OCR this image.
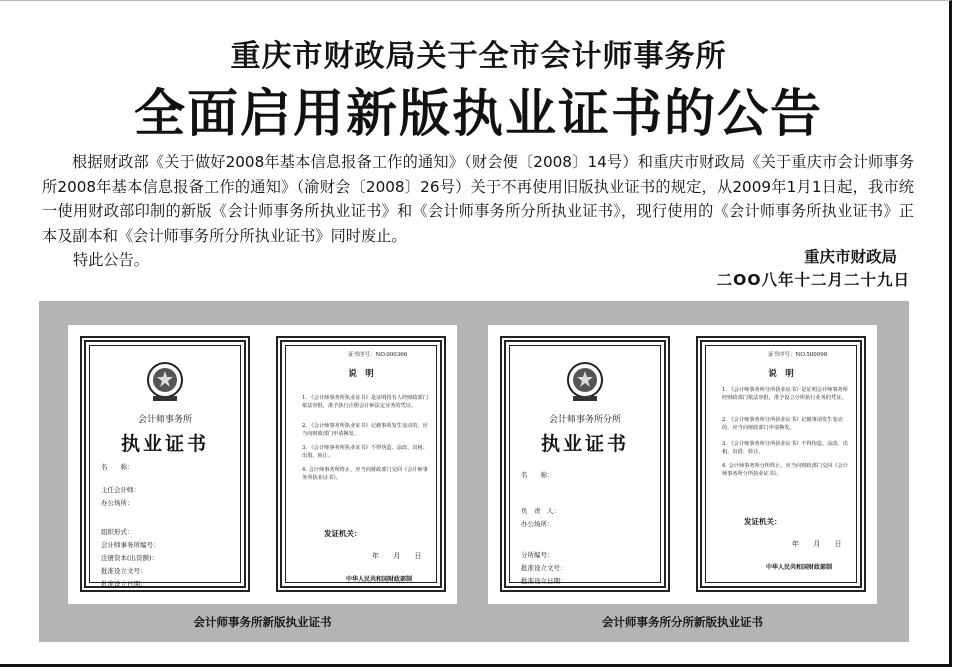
重庆市财政局关于全市会计师事务所
全面启用新版执业证书的公告
根据财政部《关于做好2008年基本信息报备工作的通知》（财会便〔2008〕14号）和重庆市财政局《关于重庆市会计师事务所2008年基本信息报备工作的通知》（渝财会〔2008〕26号）关于不再使用旧版执业证书的规定，从2009年1月1日起，我市统一使用财政部印制的新版《会计师事务所执业证书》和《会计师事务所分所执业证书》，现行使用的《会计师事务所执业证书》正本及副本和《会计师事务所分所执业证书》同时废止。
特此公告。	重庆市财政局
二OO八年十二月二十九日
会计师事务所
执业证书
名　　称：
主任会计师：
办公场所：
组织形式：
会计师事务所编号：
注册资本(出资额)：
批准设立文号：
批准设立日期：
证书序号：NO.000366
说　明
1. 《会计师事务所执业证书》是证明持有人经财政部门依法审批，准予执行注册会计师法定业务的凭证。
2. 《会计师事务所执业证书》记载事项发生变动的，应当向财政部门申请换发。
3. 《会计师事务所执业证书》不得伪造、涂改、出租、出借、转让。
4. 会计师事务所终止，应当向财政部门交回《会计师事务所执业证书》。
发证机关：
年 月 日
中华人民共和国财政部制
会计师事务所新版执业证书
会计师事务所分所
执业证书
名　　称：
负　责　人：
办公场所：
分所编号：
批准设立文号：
批准设立日期：
证书序号：NO.500098
说　明
1. 《会计师事务所分所执业证书》是证明会计师事务所经财政部门依法审批，准予设立分所执行业务的凭证。
2. 《会计师事务所分所执业证书》记载事项发生变动的，应当向财政部门申请换发。
3. 《会计师事务所分所执业证书》不得伪造、涂改、出租、出借、转让。
4. 会计师事务所分所终止，应当向财政部门交回《会计师事务所分所执业证书》。
发证机关：
年 月 日
中华人民共和国财政部制
会计师事务所分所新版执业证书
